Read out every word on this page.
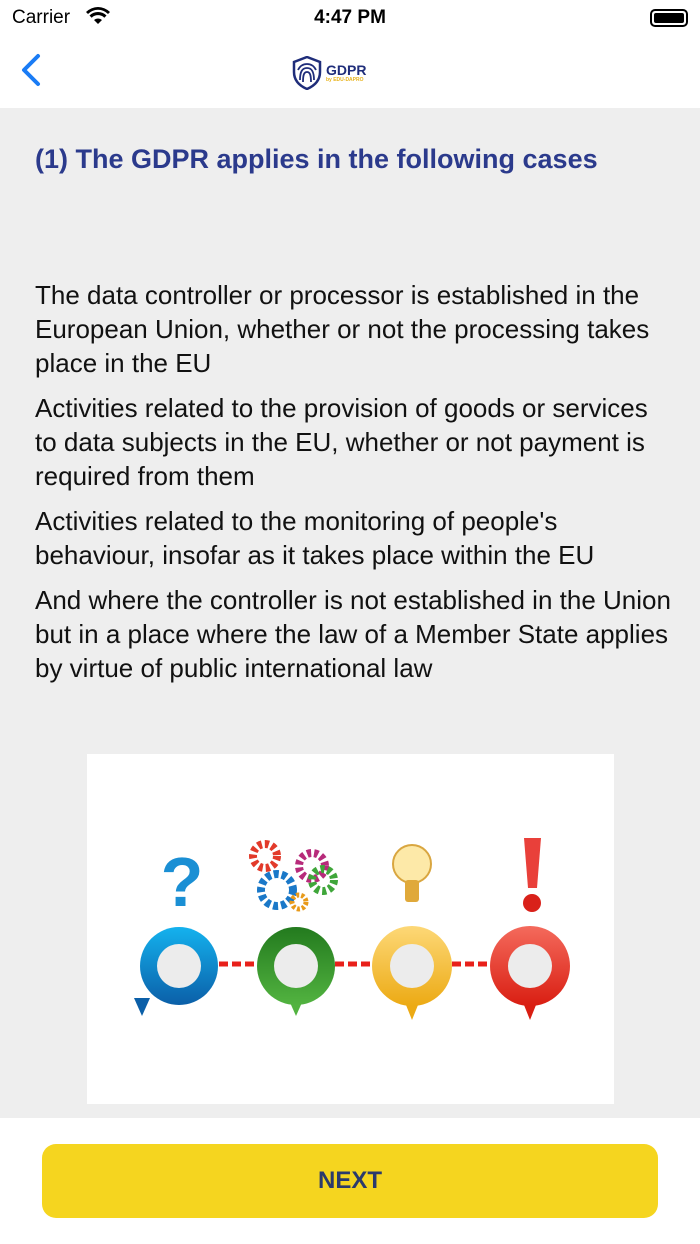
Carrier	4:47 PM
GDPR
by EDU-DAPRO
(1) The GDPR applies in the following cases

The data controller or processor is established in the European Union, whether or not the processing takes place in the EU

Activities related to the provision of goods or services to data subjects in the EU, whether or not payment is required from them

Activities related to the monitoring of people's behaviour, insofar as it takes place within the EU

And where the controller is not established in the Union but in a place where the law of a Member State applies by virtue of public international law

?
NEXT
